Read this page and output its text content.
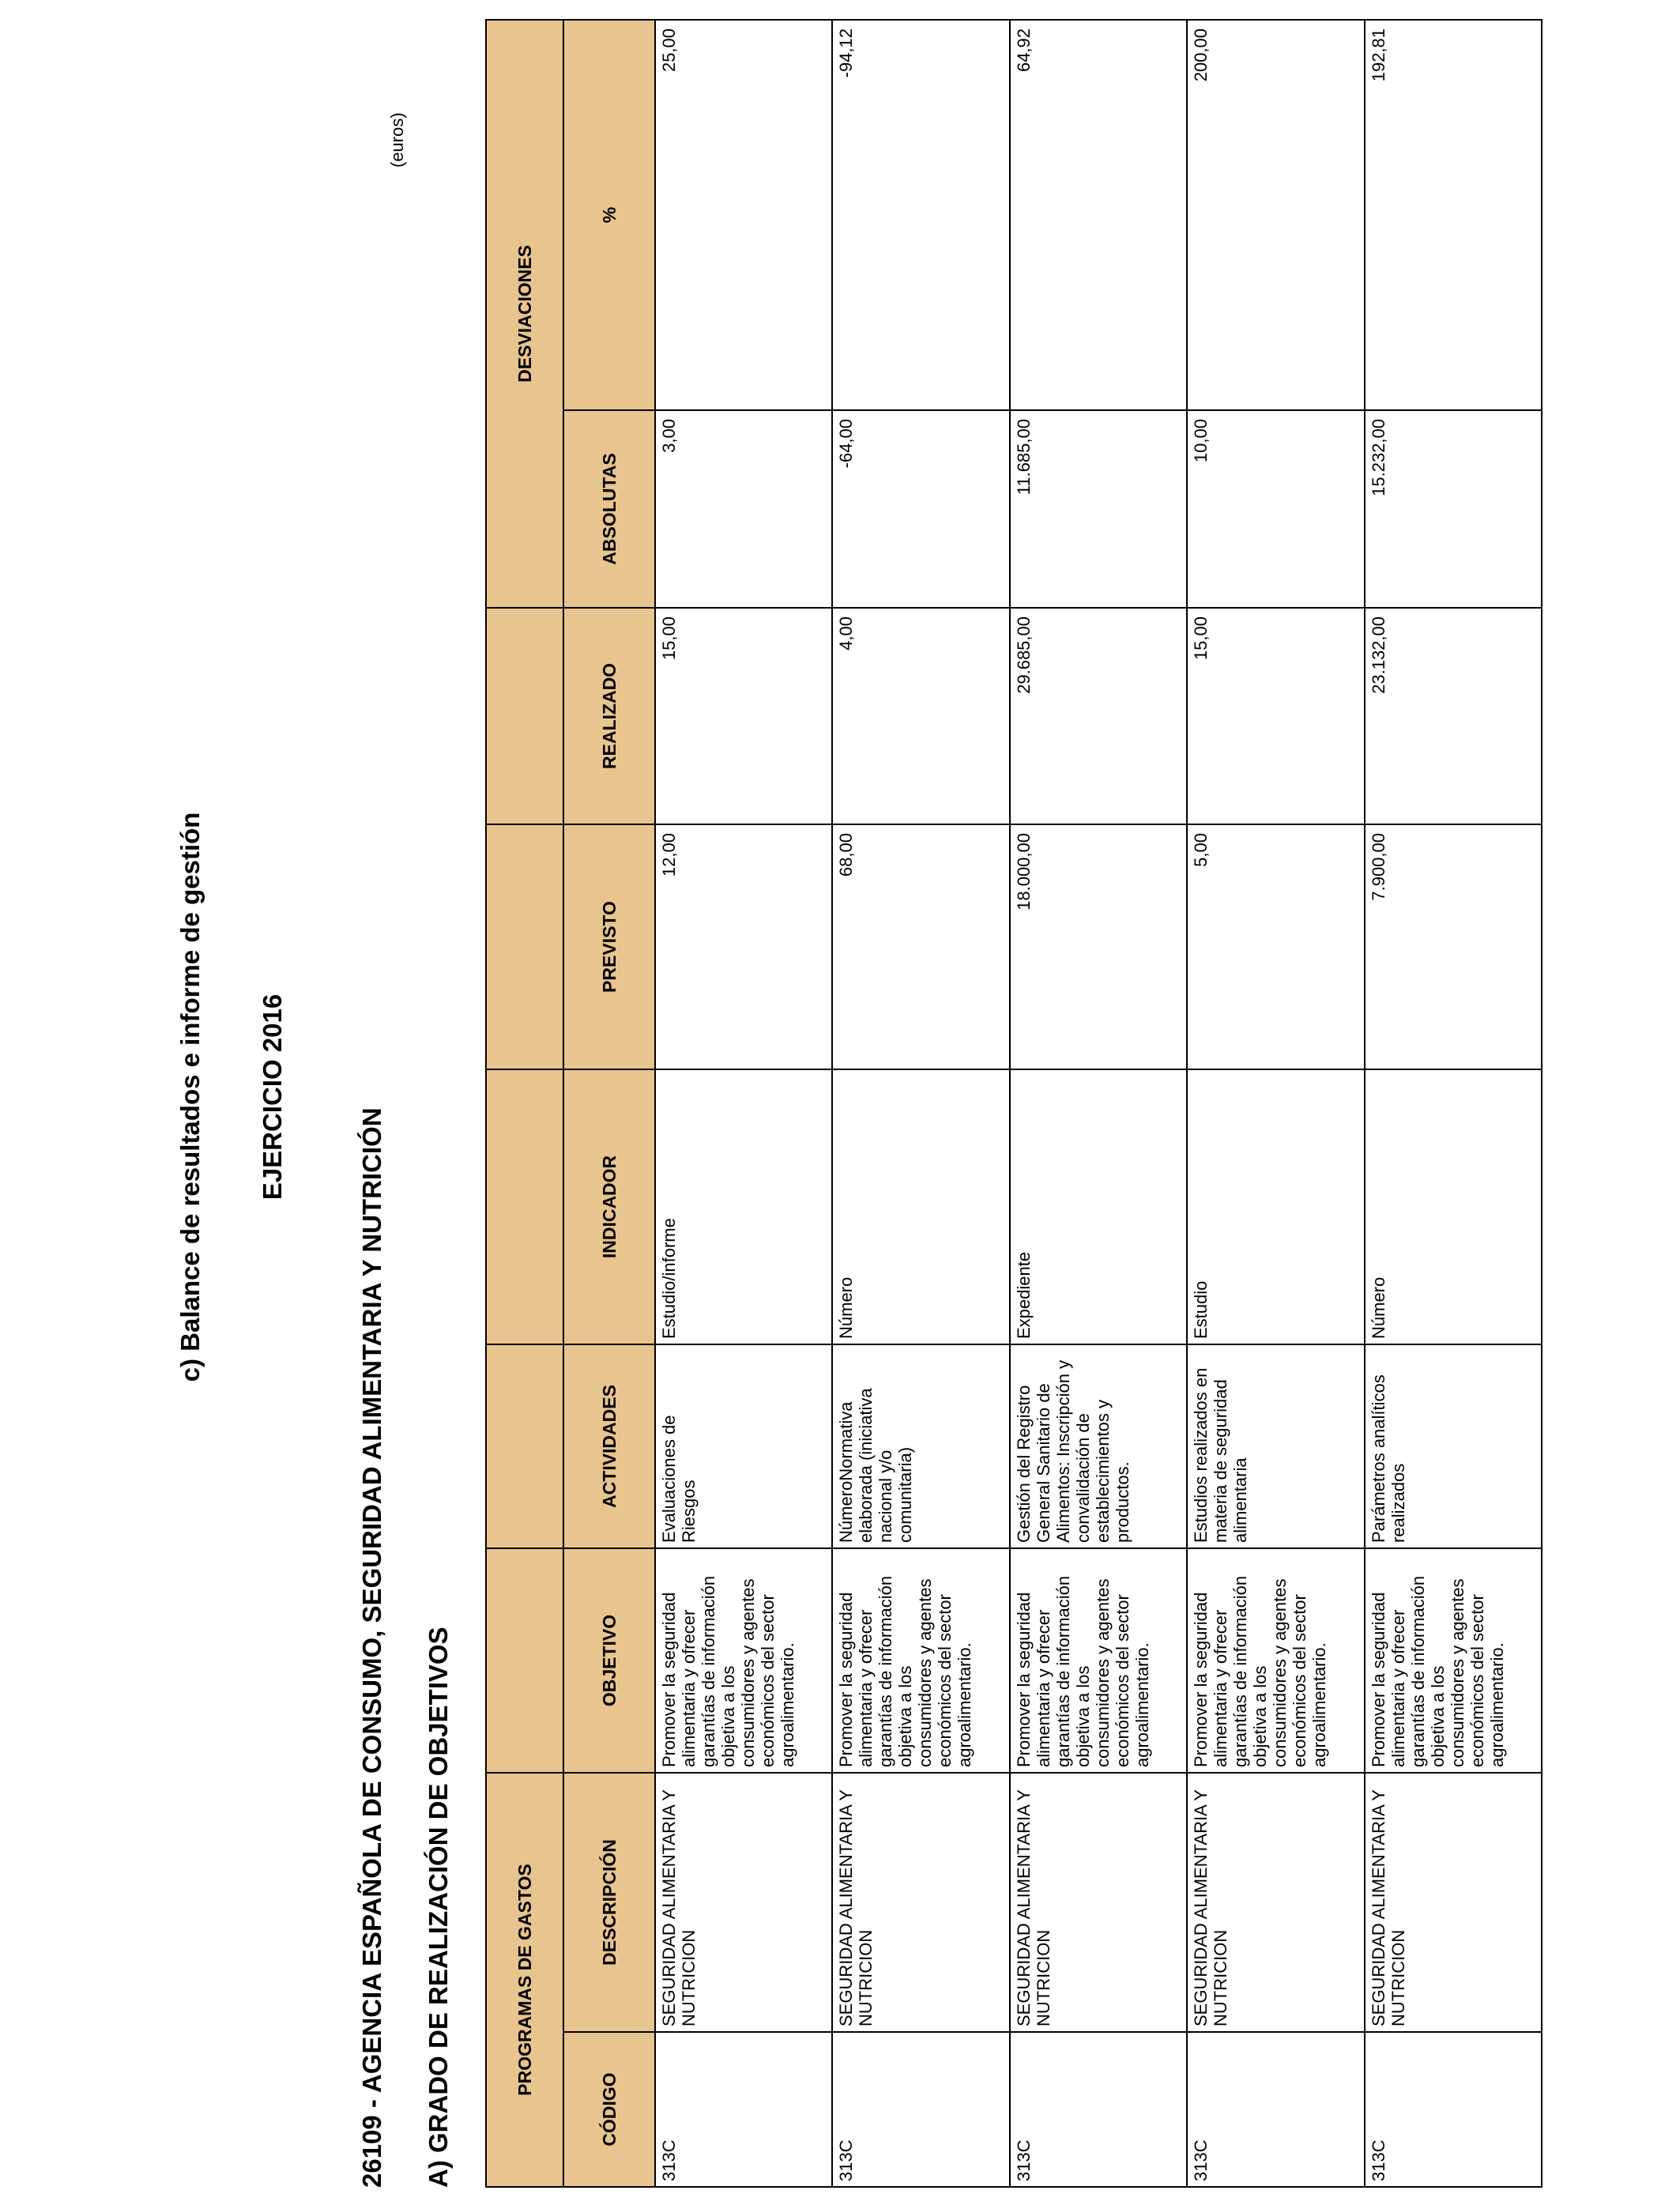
c) Balance de resultados e informe de gestión EJERCICIO 2016
26109 - AGENCIA ESPAÑOLA DE CONSUMO, SEGURIDAD ALIMENTARIA Y NUTRICIÓN A) GRADO DE REALIZACIÓN DE OBJETIVOS
(euros)
PROGRAMAS DE GASTOS							DESVIACIONES	
CÓDIGO	DESCRIPCIÓN	OBJETIVO	ACTIVIDADES	INDICADOR	PREVISTO	REALIZADO	ABSOLUTAS	%
313C	SEGURIDAD ALIMENTARIA Y NUTRICION	Promover la seguridad alimentaria y ofrecer garantías de información objetiva a los consumidores y agentes económicos del sector agroalimentario.	Evaluaciones de Riesgos	Estudio/informe	12,00	15,00	3,00	25,00
313C	SEGURIDAD ALIMENTARIA Y NUTRICION	Promover la seguridad alimentaria y ofrecer garantías de información objetiva a los consumidores y agentes económicos del sector agroalimentario.	NúmeroNormativa elaborada (iniciativa nacional y/o comunitaria)	Número	68,00	4,00	-64,00	-94,12
313C	SEGURIDAD ALIMENTARIA Y NUTRICION	Promover la seguridad alimentaria y ofrecer garantías de información objetiva a los consumidores y agentes económicos del sector agroalimentario.	Gestión del Registro General Sanitario de Alimentos: Inscripción y convalidación de establecimientos y productos.	Expediente	18.000,00	29.685,00	11.685,00	64,92
313C	SEGURIDAD ALIMENTARIA Y NUTRICION	Promover la seguridad alimentaria y ofrecer garantías de información objetiva a los consumidores y agentes económicos del sector agroalimentario.	Estudios realizados en materia de seguridad alimentaria	Estudio	5,00	15,00	10,00	200,00
313C	SEGURIDAD ALIMENTARIA Y NUTRICION	Promover la seguridad alimentaria y ofrecer garantías de información objetiva a los consumidores y agentes económicos del sector agroalimentario.	Parámetros analíticos realizados	Número	7.900,00	23.132,00	15.232,00	192,81
